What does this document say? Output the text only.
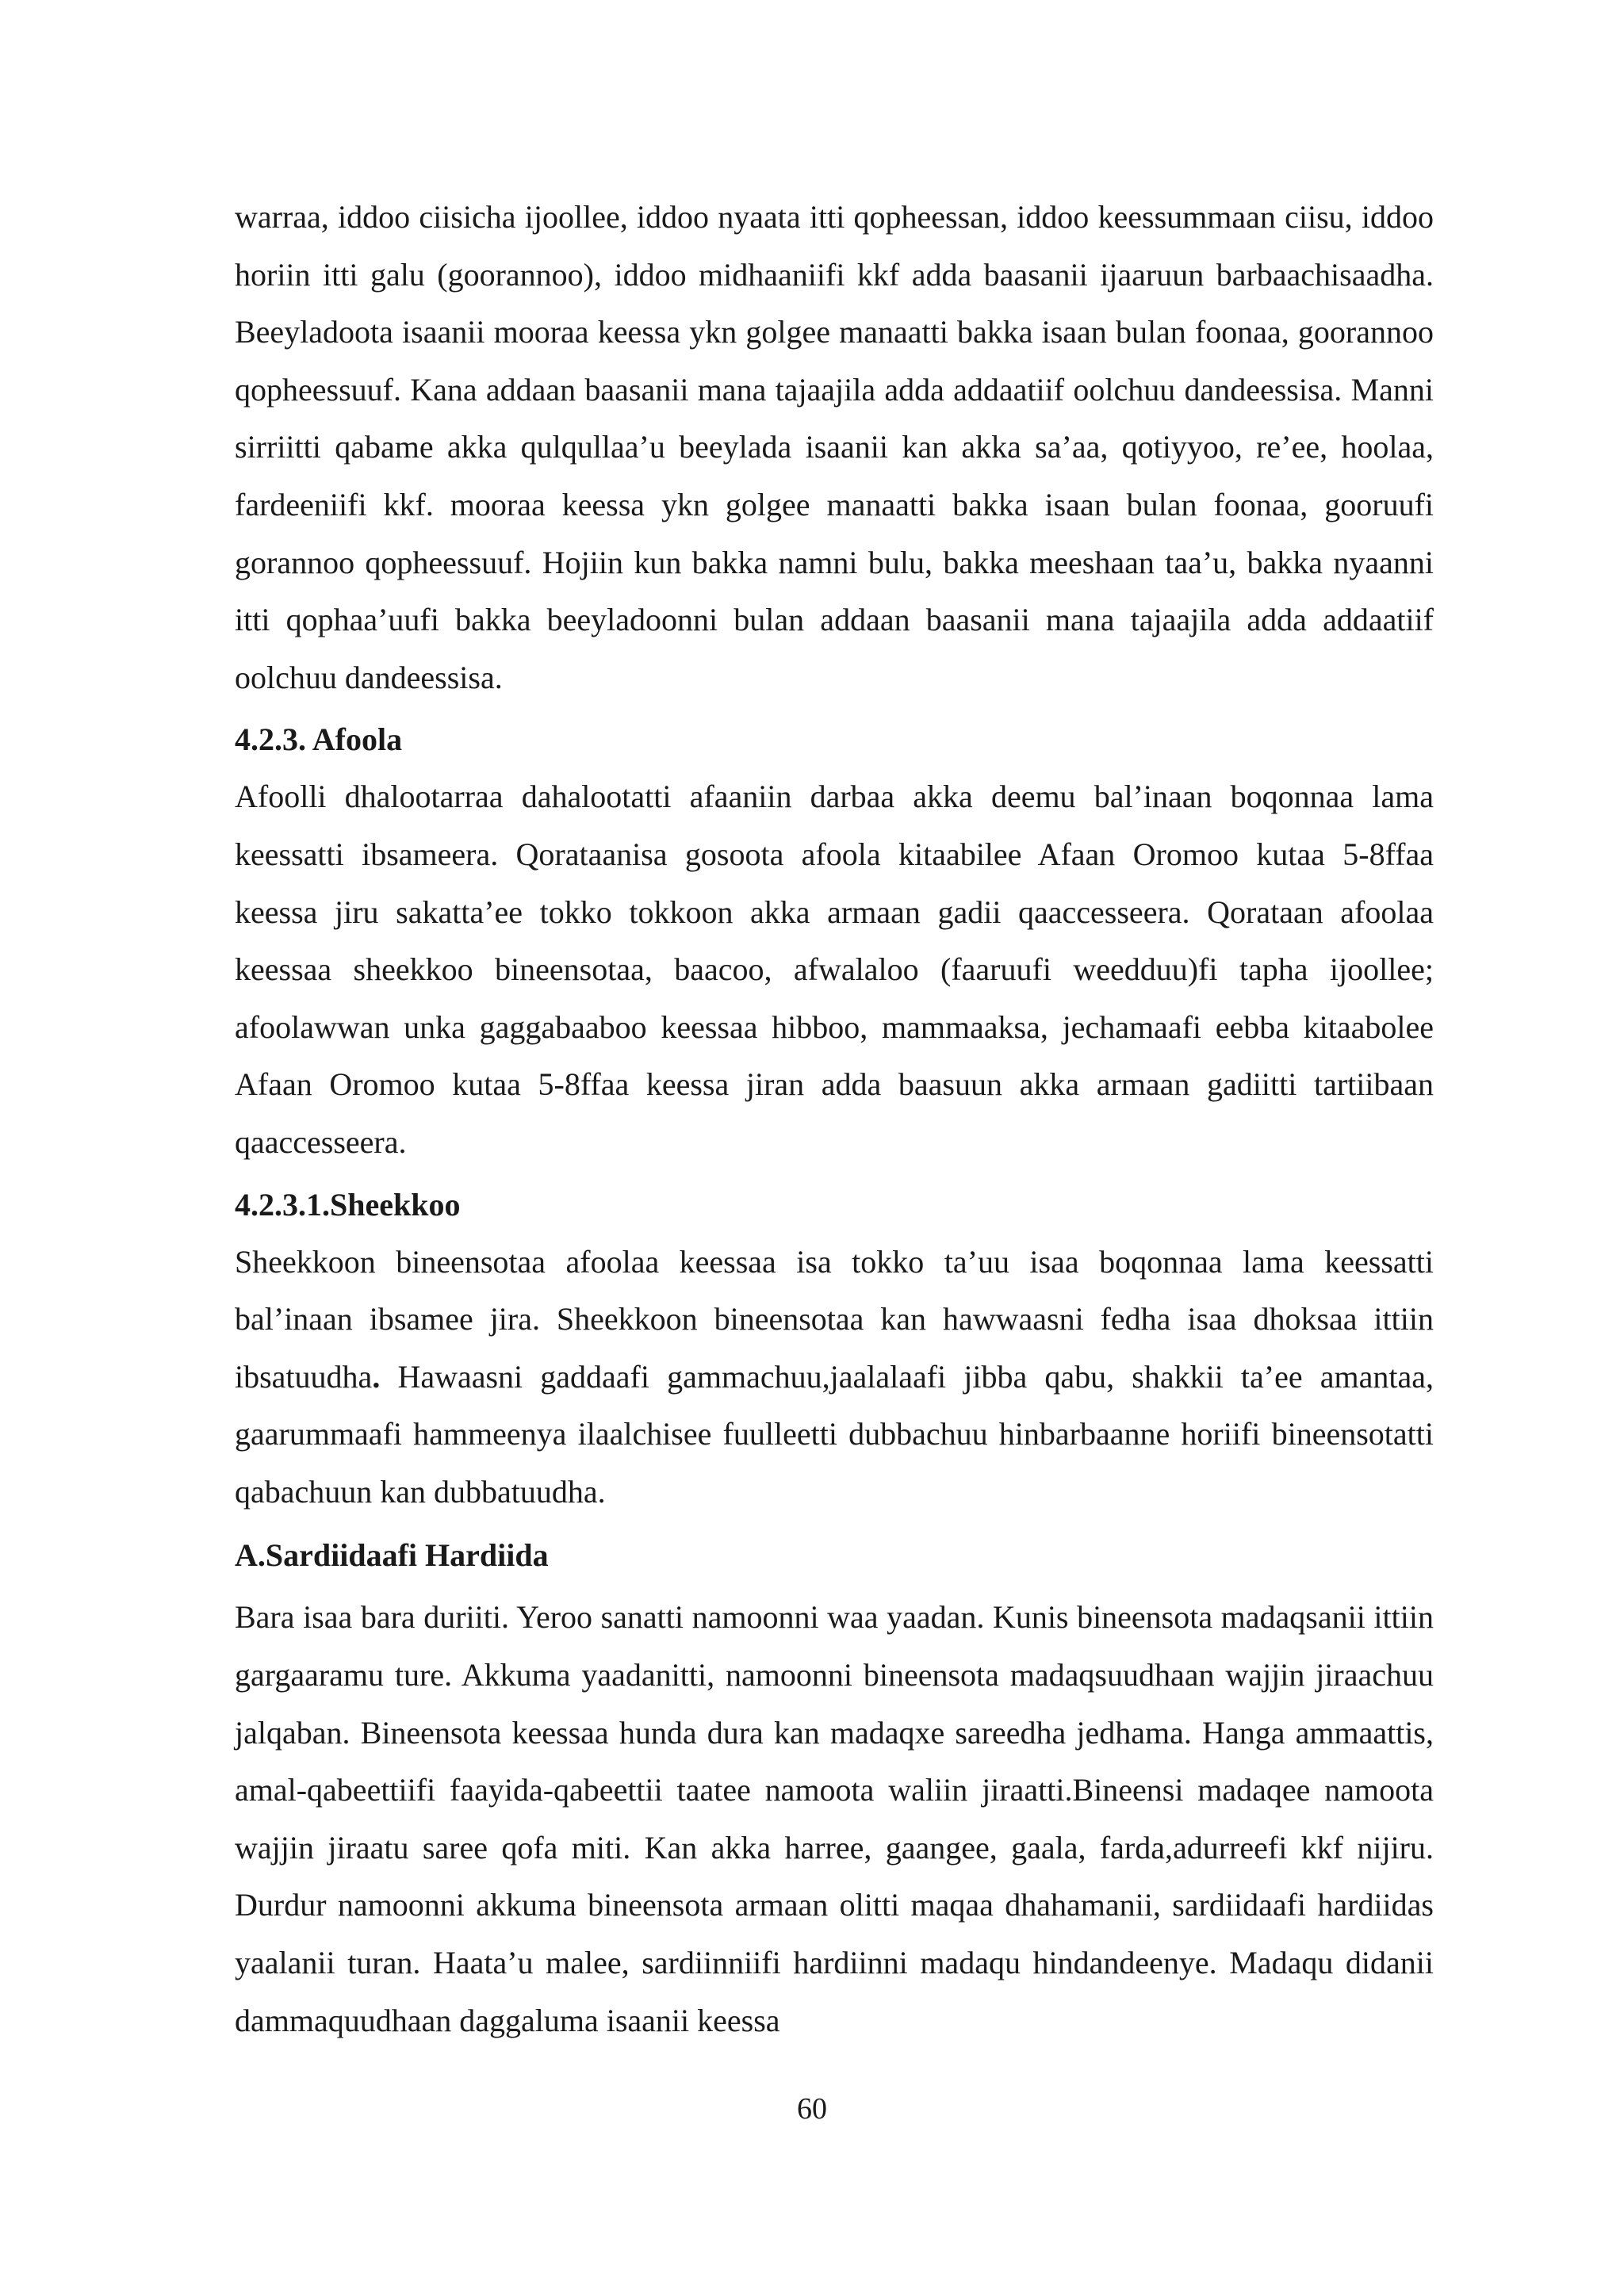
warraa, iddoo ciisicha ijoollee, iddoo nyaata itti qopheessan, iddoo keessummaan ciisu, iddoo horiin itti galu (goorannoo), iddoo midhaaniifi kkf adda baasanii ijaaruun barbaachisaadha. Beeyladoota isaanii mooraa keessa ykn golgee manaatti bakka isaan bulan foonaa, goorannoo qopheessuuf. Kana addaan baasanii mana tajaajila adda addaatiif oolchuu dandeessisa. Manni sirriitti qabame akka qulqullaa’u beeylada isaanii kan akka sa’aa, qotiyyoo, re’ee, hoolaa, fardeeniifi kkf. mooraa keessa ykn golgee manaatti bakka isaan bulan foonaa, gooruufi gorannoo qopheessuuf. Hojiin kun bakka namni bulu, bakka meeshaan taa’u, bakka nyaanni itti qophaa’uufi bakka beeyladoonni bulan addaan baasanii mana tajaajila adda addaatiif oolchuu dandeessisa.

4.2.3. Afoola

Afoolli dhalootarraa dahalootatti afaaniin darbaa akka deemu bal’inaan boqonnaa lama keessatti ibsameera. Qorataanisa gosoota afoola kitaabilee Afaan Oromoo kutaa 5-8ffaa keessa jiru sakatta’ee tokko tokkoon akka armaan gadii qaaccesseera. Qorataan afoolaa keessaa sheekkoo bineensotaa, baacoo, afwalaloo (faaruufi weedduu)fi tapha ijoollee; afoolawwan unka gaggabaaboo keessaa hibboo, mammaaksa, jechamaafi eebba kitaabolee Afaan Oromoo kutaa 5-8ffaa keessa jiran adda baasuun akka armaan gadiitti tartiibaan qaaccesseera.

4.2.3.1.Sheekkoo

Sheekkoon bineensotaa afoolaa keessaa isa tokko ta’uu isaa boqonnaa lama keessatti bal’inaan ibsamee jira. Sheekkoon bineensotaa kan hawwaasni fedha isaa dhoksaa ittiin ibsatuudha. Hawaasni gaddaafi gammachuu,jaalalaafi jibba qabu, shakkii ta’ee amantaa, gaarummaafi hammeenya ilaalchisee fuulleetti dubbachuu hinbarbaanne horiifi bineensotatti qabachuun kan dubbatuudha.

A.Sardiidaafi Hardiida

Bara isaa bara duriiti. Yeroo sanatti namoonni waa yaadan. Kunis bineensota madaqsanii ittiin gargaaramu ture. Akkuma yaadanitti, namoonni bineensota madaqsuudhaan wajjin jiraachuu jalqaban. Bineensota keessaa hunda dura kan madaqxe sareedha jedhama. Hanga ammaattis, amal-qabeettiifi faayida-qabeettii taatee namoota waliin jiraatti.Bineensi madaqee namoota wajjin jiraatu saree qofa miti. Kan akka harree, gaangee, gaala, farda,adurreefi kkf nijiru. Durdur namoonni akkuma bineensota armaan olitti maqaa dhahamanii, sardiidaafi hardiidas yaalanii turan. Haata’u malee, sardiinniifi hardiinni madaqu hindandeenye. Madaqu didanii dammaquudhaan daggaluma isaanii keessa

60
